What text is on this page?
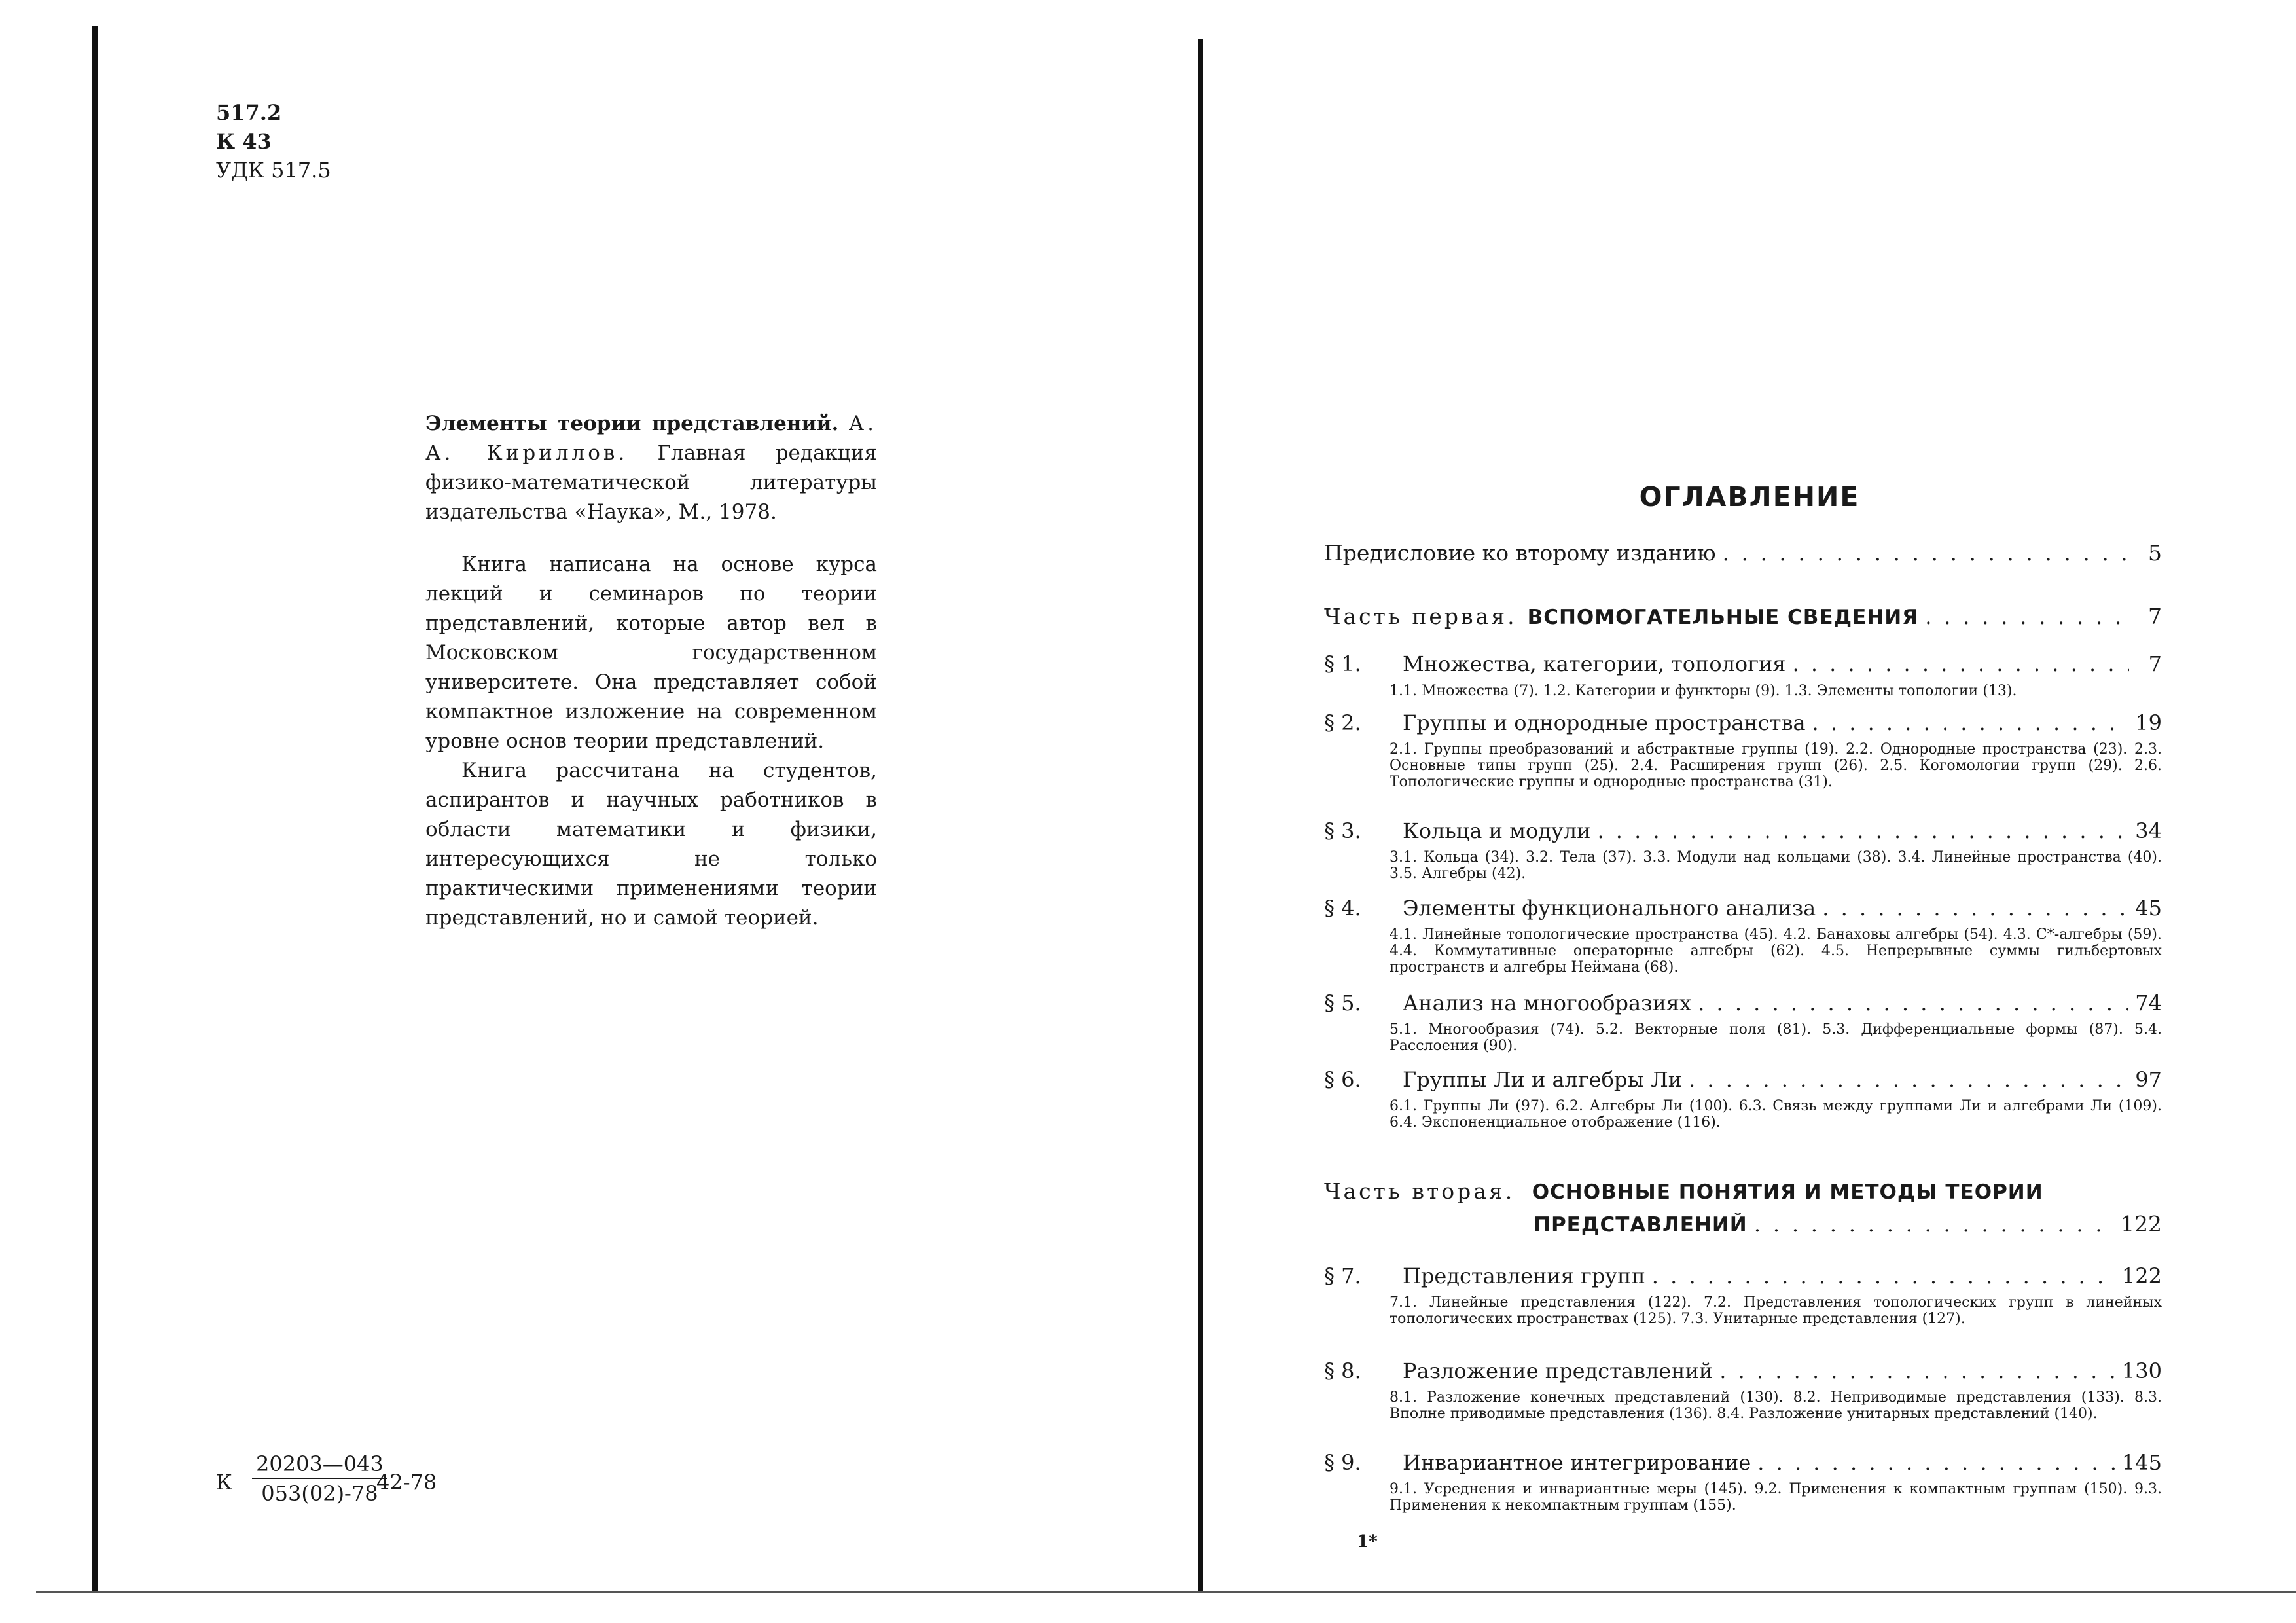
517.2
К 43
УДК 517.5

Элементы теории представлений. А. А. Кириллов. Главная редакция физико-математической литературы издательства «Наука», М., 1978.

Книга написана на основе курса лекций и семинаров по теории представлений, которые автор вел в Московском государственном университете. Она представляет собой компактное изложение на современном уровне основ теории представлений.

Книга рассчитана на студентов, аспирантов и научных работников в области математики и физики, интересующихся не только практическими применениями теории представлений, но и самой теорией.

К $\frac{20203—043}{053(02)-78}$
42-78
ОГЛАВЛЕНИЕ
Предисловие ко второму изданию . . .	5
Часть первая. ВСПОМОГАТЕЛЬНЫЕ СВЕДЕНИЯ . . .	7
§ 1.	Множества, категории, топология . . .	7
1.1. Множества (7). 1.2. Категории и функторы (9). 1.3. Элементы топологии (13).
§ 2.	Группы и однородные пространства . . .	19
2.1. Группы преобразований и абстрактные группы (19). 2.2. Однородные пространства (23). 2.3. Основные типы групп (25). 2.4. Расширения групп (26). 2.5. Когомологии групп (29). 2.6. Топологические группы и однородные пространства (31).
§ 3.	Кольца и модули . . .	34
3.1. Кольца (34). 3.2. Тела (37). 3.3. Модули над кольцами (38). 3.4. Линейные пространства (40). 3.5. Алгебры (42).
§ 4.	Элементы функционального анализа . . .	45
4.1. Линейные топологические пространства (45). 4.2. Банаховы алгебры (54). 4.3. C*-алгебры (59). 4.4. Коммутативные операторные алгебры (62). 4.5. Непрерывные суммы гильбертовых пространств и алгебры Неймана (68).
§ 5.	Анализ на многообразиях . . .	74
5.1. Многообразия (74). 5.2. Векторные поля (81). 5.3. Дифференциальные формы (87). 5.4. Расслоения (90).
§ 6.	Группы Ли и алгебры Ли . . .	97
6.1. Группы Ли (97). 6.2. Алгебры Ли (100). 6.3. Связь между группами Ли и алгебрами Ли (109). 6.4. Экспоненциальное отображение (116).
Часть вторая. ОСНОВНЫЕ ПОНЯТИЯ И МЕТОДЫ ТЕОРИИ
ПРЕДСТАВЛЕНИЙ . . .	122
§ 7.	Представления групп . . .	122
7.1. Линейные представления (122). 7.2. Представления топологических групп в линейных топологических пространствах (125). 7.3. Унитарные представления (127).
§ 8.	Разложение представлений . . .	130
8.1. Разложение конечных представлений (130). 8.2. Неприводимые представления (133). 8.3. Вполне приводимые представления (136). 8.4. Разложение унитарных представлений (140).
§ 9.	Инвариантное интегрирование . . .	145
9.1. Усреднения и инвариантные меры (145). 9.2. Применения к компактным группам (150). 9.3. Применения к некомпактным группам (155).
1*
